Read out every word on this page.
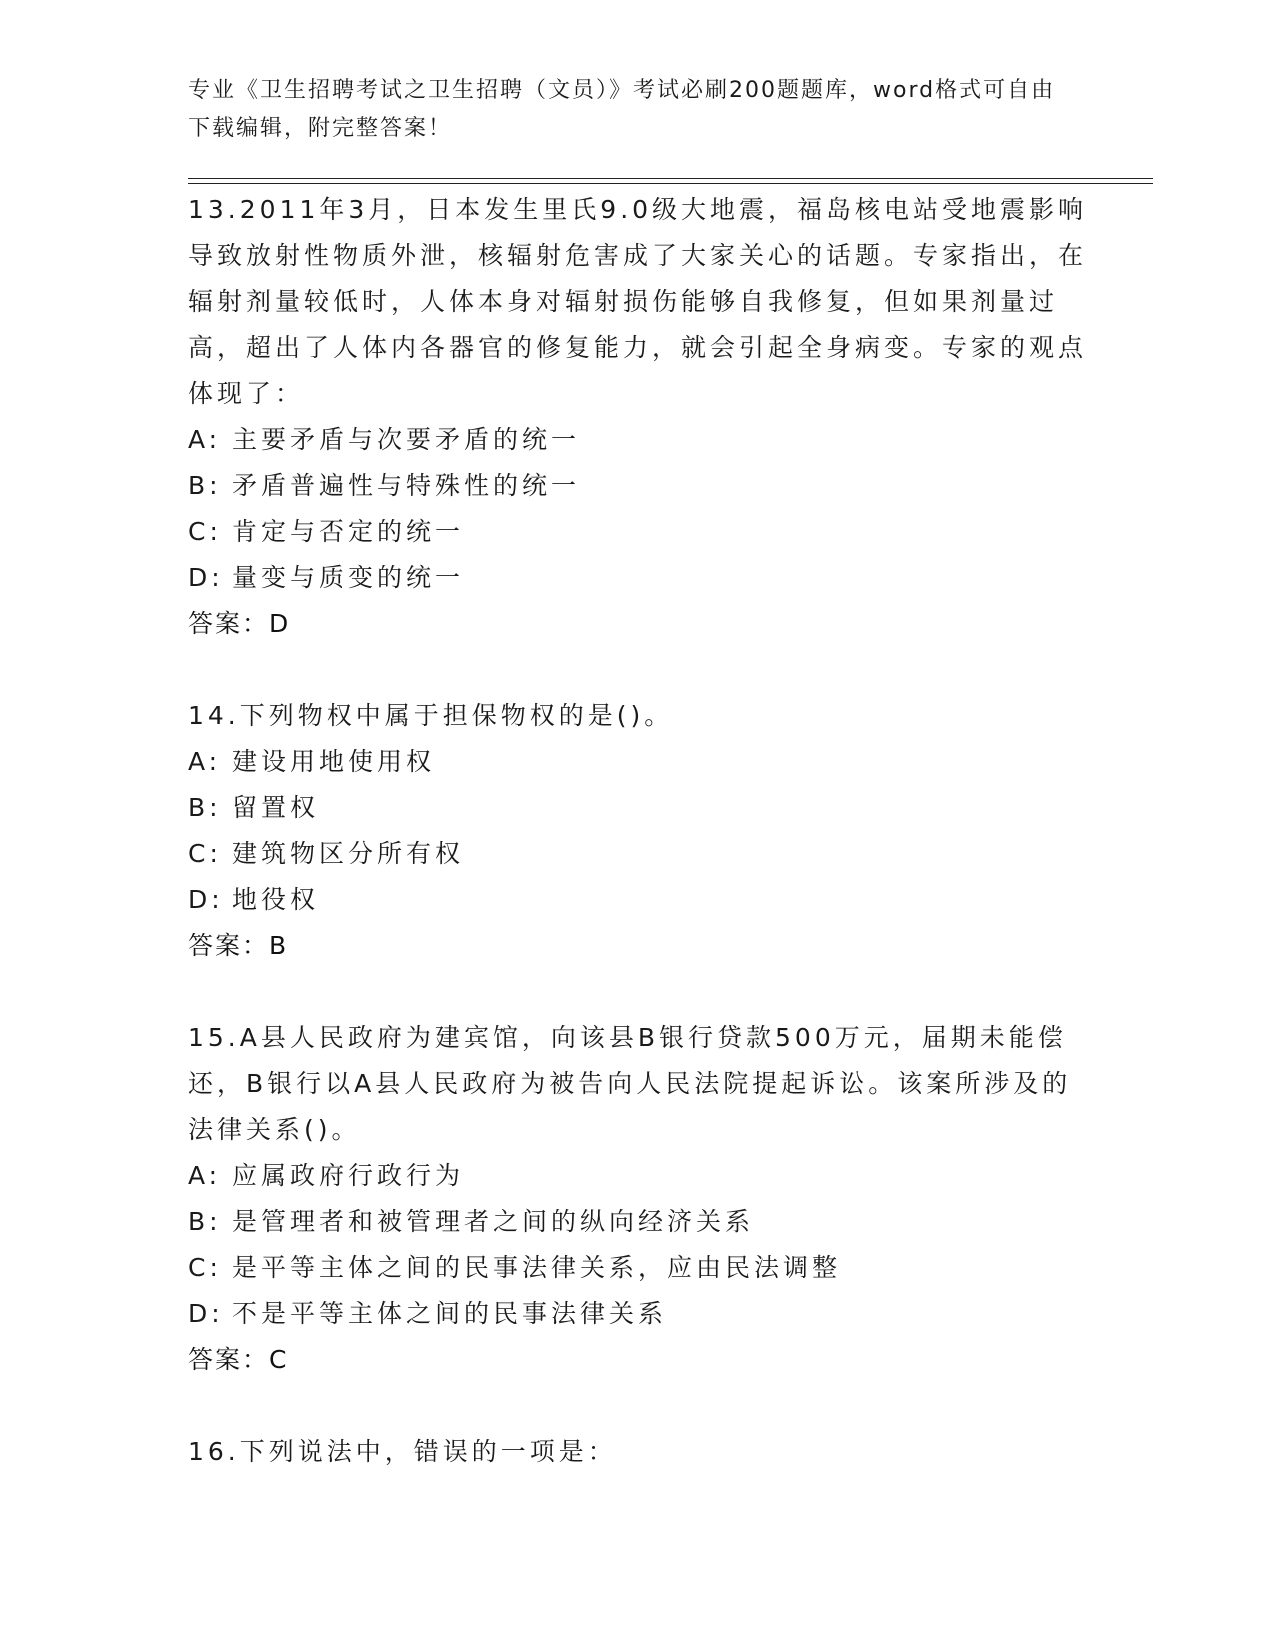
专业《卫生招聘考试之卫生招聘（文员）》考试必刷200题题库，word格式可自由下载编辑，附完整答案！

13.2011年3月，日本发生里氏9.0级大地震，福岛核电站受地震影响导致放射性物质外泄，核辐射危害成了大家关心的话题。专家指出，在辐射剂量较低时，人体本身对辐射损伤能够自我修复，但如果剂量过高，超出了人体内各器官的修复能力，就会引起全身病变。专家的观点体现了：

A: 主要矛盾与次要矛盾的统一
B: 矛盾普遍性与特殊性的统一
C: 肯定与否定的统一
D: 量变与质变的统一
答案：D

14.下列物权中属于担保物权的是()。

A: 建设用地使用权
B: 留置权
C: 建筑物区分所有权
D: 地役权
答案：B

15.A县人民政府为建宾馆，向该县B银行贷款500万元，届期未能偿还，B银行以A县人民政府为被告向人民法院提起诉讼。该案所涉及的法律关系()。

A: 应属政府行政行为
B: 是管理者和被管理者之间的纵向经济关系
C: 是平等主体之间的民事法律关系，应由民法调整
D: 不是平等主体之间的民事法律关系
答案：C

16.下列说法中，错误的一项是：
